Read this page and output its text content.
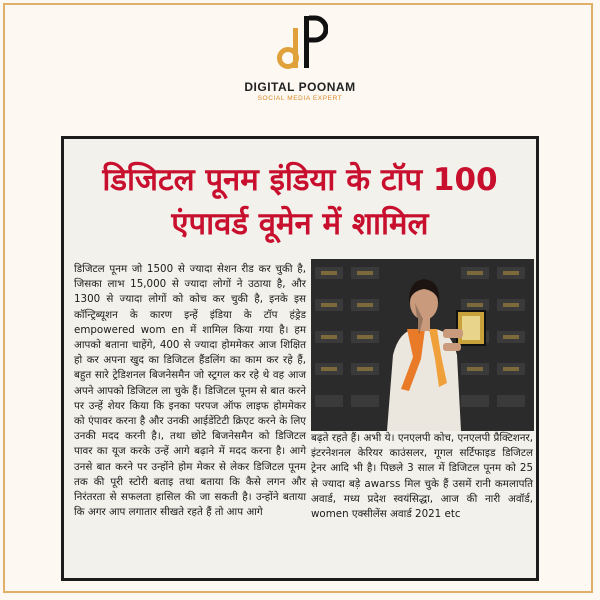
DIGITAL POONAM
SOCIAL MEDIA EXPERT
डिजिटल पूनम इंडिया के टॉप 100
एंपावर्ड वूमेन में शामिल
डिजिटल पूनम जो 1500 से ज्यादा सेशन रीड कर चुकी है, जिसका लाभ 15,000 से ज्यादा लोगों ने उठाया है, और 1300 से ज्यादा लोगों को कोच कर चुकी है, इनके इस कॉन्ट्रिब्यूशन के कारण इन्हें इंडिया के टॉप हंड्रेड empowered wom en में शामिल किया गया है। हम आपको बताना चाहेंगे, 400 से ज्यादा होममेकर आज शिक्षित हो कर अपना खुद का डिजिटल हैंडलिंग का काम कर रहे हैं, बहुत सारे ट्रेडिशनल बिजनेसमैन जो स्ट्रगल कर रहे थे वह आज अपने आपको डिजिटल ला चुके हैं। डिजिटल पूनम से बात करने पर उन्हें शेयर किया कि इनका परपज ऑफ लाइफ होममेकर को एंपावर करना है और उनकी आईडेंटिटी क्रिएट करने के लिए उनकी मदद करनी है।, तथा छोटे बिजनेसमैन को डिजिटल पावर का यूज करके उन्हें आगे बढ़ाने में मदद करना है। आगे उनसे बात करने पर उन्होंने होम मेकर से लेकर डिजिटल पूनम तक की पूरी स्टोरी बताइ तथा बताया कि कैसे लगन और निरंतरता से सफलता हासिल की जा सकती है। उन्होंने बताया कि अगर आप लगातार सीखते रहते हैं तो आप आगे
बढ़ते रहते हैं। अभी ये। एनएलपी कोच, एनएलपी प्रैक्टिशनर, इंटरनेशनल केरियर काउंसलर, गूगल सर्टिफाइड डिजिटल ट्रेनर आदि भी है। पिछले 3 साल में डिजिटल पूनम को 25 से ज्यादा बड़े awarss मिल चुके हैं उसमें रानी कमलापति अवार्ड, मध्य प्रदेश स्वयंसिद्धा, आज की नारी अवॉर्ड, women एक्सीलेंस अवार्ड 2021 etc
